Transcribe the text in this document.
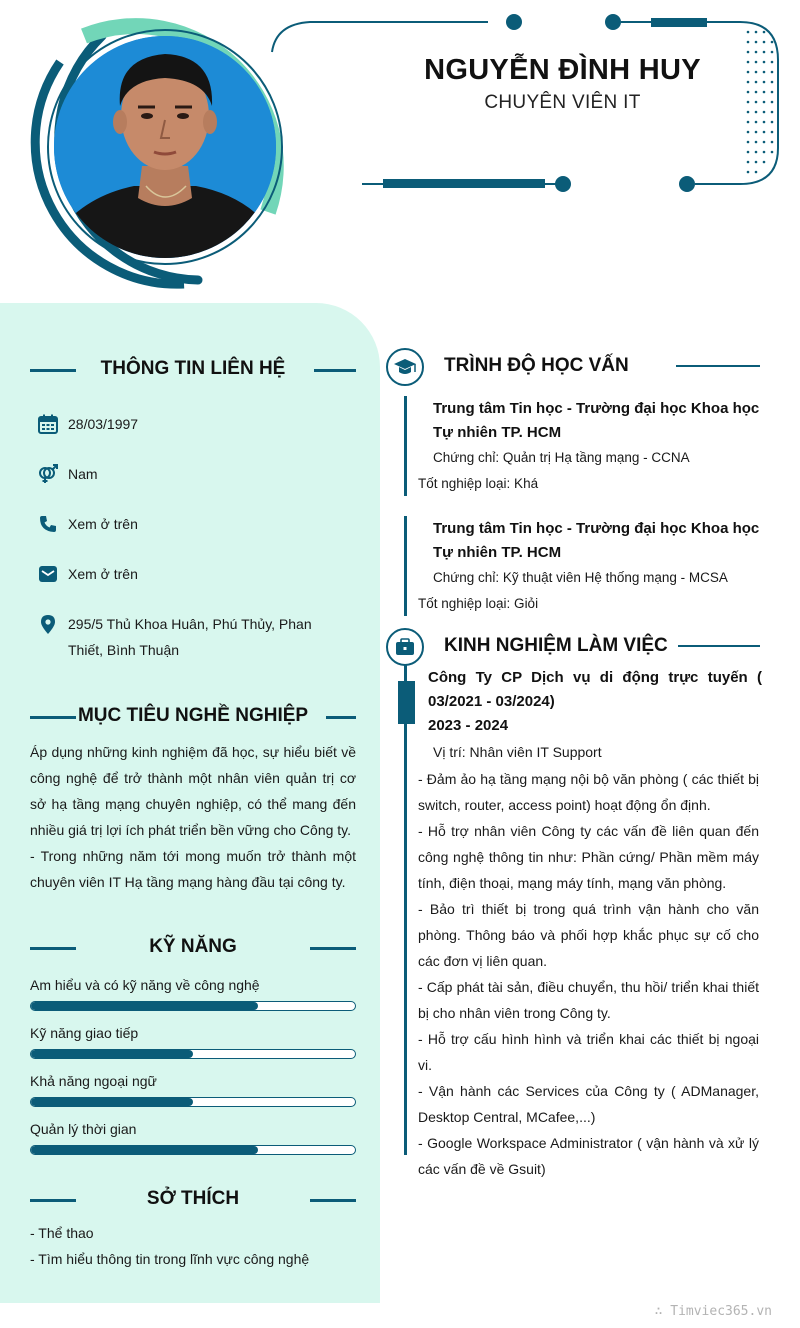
NGUYỄN ĐÌNH HUY
CHUYÊN VIÊN IT
THÔNG TIN LIÊN HỆ
28/03/1997
Nam
Xem ở trên
Xem ở trên
295/5 Thủ Khoa Huân, Phú Thủy, Phan Thiết, Bình Thuận
MỤC TIÊU NGHỀ NGHIỆP
Áp dụng những kinh nghiệm đã học, sự hiểu biết về công nghệ để trở thành một nhân viên quản trị cơ sở hạ tầng mạng chuyên nghiệp, có thể mang đến nhiều giá trị lợi ích phát triển bền vững cho Công ty.
- Trong những năm tới mong muốn trở thành một chuyên viên IT Hạ tầng mạng hàng đầu tại công ty.
KỸ NĂNG
Am hiểu và có kỹ năng về công nghệ
Kỹ năng giao tiếp
Khả năng ngoại ngữ
Quản lý thời gian
SỞ THÍCH
- Thể thao
- Tìm hiểu thông tin trong lĩnh vực công nghệ
TRÌNH ĐỘ HỌC VẤN
Trung tâm Tin học - Trường đại học Khoa học Tự nhiên TP. HCM
Chứng chỉ: Quản trị Hạ tầng mạng - CCNA
Tốt nghiệp loại: Khá
Trung tâm Tin học - Trường đại học Khoa học Tự nhiên TP. HCM
Chứng chỉ: Kỹ thuật viên Hệ thống mạng - MCSA
Tốt nghiệp loại: Giỏi
KINH NGHIỆM LÀM VIỆC
Công Ty CP Dịch vụ di động trực tuyến ( 03/2021 - 03/2024)
2023 - 2024
Vị trí: Nhân viên IT Support

- Đảm ảo hạ tầng mạng nội bộ văn phòng ( các thiết bị switch, router, access point) hoạt động ổn định.

- Hỗ trợ nhân viên Công ty các vấn đề liên quan đến công nghệ thông tin như: Phần cứng/ Phần mềm máy tính, điện thoại, mạng máy tính, mạng văn phòng.

- Bảo trì thiết bị trong quá trình vận hành cho văn phòng. Thông báo và phối hợp khắc phục sự cố cho các đơn vị liên quan.

- Cấp phát tài sản, điều chuyển, thu hồi/ triển khai thiết bị cho nhân viên trong Công ty.

- Hỗ trợ cấu hình hình và triển khai các thiết bị ngoại vi.

- Vận hành các Services của Công ty ( ADManager, Desktop Central, MCafee,...)

- Google Workspace Administrator ( vận hành và xử lý các vấn đề về Gsuit)

∴ Timviec365.vn
